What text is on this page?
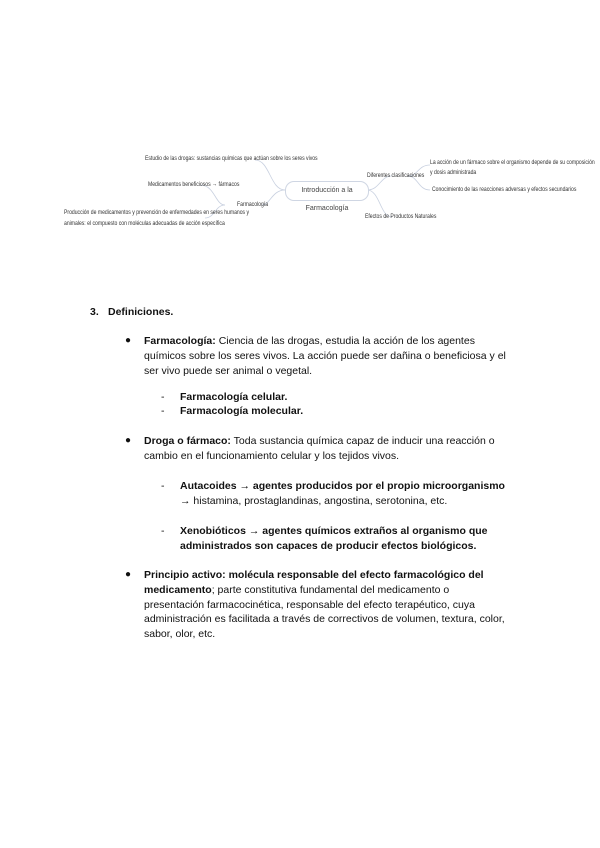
Introducción a la Farmacología
Estudio de las drogas: sustancias químicas que actúan sobre los seres vivos
Medicamentos beneficiosos → fármacos
Farmacología
Producción de medicamentos y prevención de enfermedades en seres humanos y
animales: el compuesto con moléculas adecuadas de acción específica
Diferentes clasificaciones
Efectos de Productos Naturales
La acción de un fármaco sobre el organismo depende de su composición
y dosis administrada
Conocimiento de las reacciones adversas y efectos secundarios
3. Definiciones.
● Farmacología: Ciencia de las drogas, estudia la acción de los agentes
químicos sobre los seres vivos. La acción puede ser dañina o beneficiosa y el
ser vivo puede ser animal o vegetal.
- Farmacología celular.
- Farmacología molecular.
● Droga o fármaco: Toda sustancia química capaz de inducir una reacción o
cambio en el funcionamiento celular y los tejidos vivos.
- Autacoides → agentes producidos por el propio microorganismo
→ histamina, prostaglandinas, angostina, serotonina, etc.
- Xenobióticos → agentes químicos extraños al organismo que
administrados son capaces de producir efectos biológicos.
● Principio activo: molécula responsable del efecto farmacológico del
medicamento; parte constitutiva fundamental del medicamento o
presentación farmacocinética, responsable del efecto terapéutico, cuya
administración es facilitada a través de correctivos de volumen, textura, color,
sabor, olor, etc.
